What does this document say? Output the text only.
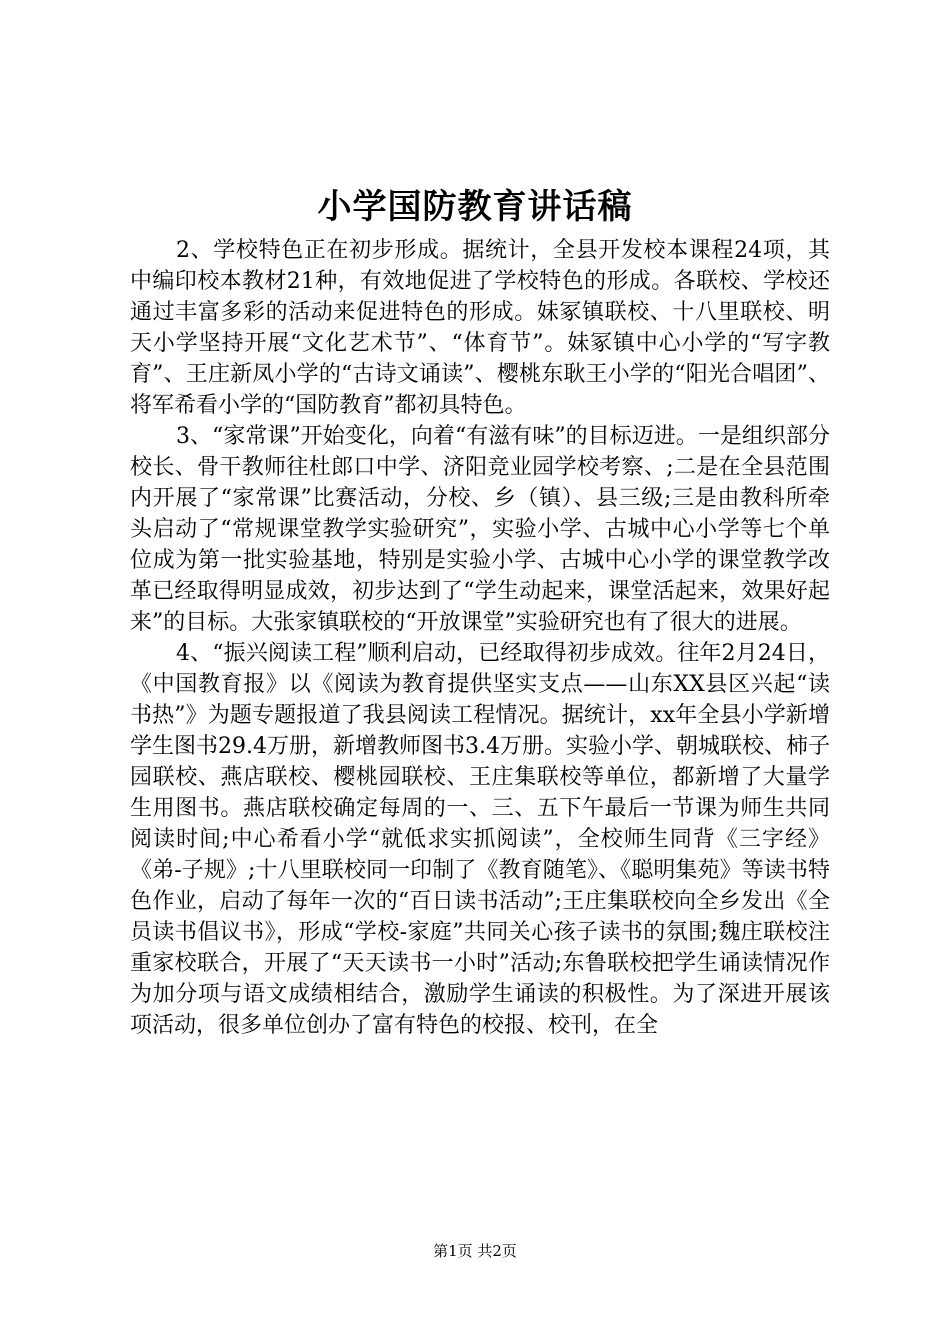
小学国防教育讲话稿

2、学校特色正在初步形成。据统计，全县开发校本课程24项，其中编印校本教材21种，有效地促进了学校特色的形成。各联校、学校还通过丰富多彩的活动来促进特色的形成。妹冢镇联校、十八里联校、明天小学坚持开展“文化艺术节”、“体育节”。妹冢镇中心小学的“写字教育”、王庄新凤小学的“古诗文诵读”、樱桃东耿王小学的“阳光合唱团”、将军希看小学的“国防教育”都初具特色。

3、“家常课”开始变化，向着“有滋有味”的目标迈进。一是组织部分校长、骨干教师往杜郎口中学、济阳竞业园学校考察、;二是在全县范围内开展了“家常课”比赛活动，分校、乡（镇）、县三级;三是由教科所牵头启动了“常规课堂教学实验研究”，实验小学、古城中心小学等七个单位成为第一批实验基地，特别是实验小学、古城中心小学的课堂教学改革已经取得明显成效，初步达到了“学生动起来，课堂活起来，效果好起来”的目标。大张家镇联校的“开放课堂”实验研究也有了很大的进展。

4、“振兴阅读工程”顺利启动，已经取得初步成效。往年2月24日，《中国教育报》以《阅读为教育提供坚实支点——山东XX县区兴起“读书热”》为题专题报道了我县阅读工程情况。据统计，xx年全县小学新增学生图书29.4万册，新增教师图书3.4万册。实验小学、朝城联校、柿子园联校、燕店联校、樱桃园联校、王庄集联校等单位，都新增了大量学生用图书。燕店联校确定每周的一、三、五下午最后一节课为师生共同阅读时间;中心希看小学“就低求实抓阅读”，全校师生同背《三字经》《弟-子规》;十八里联校同一印制了《教育随笔》、《聪明集苑》等读书特色作业，启动了每年一次的“百日读书活动”;王庄集联校向全乡发出《全员读书倡议书》，形成“学校-家庭”共同关心孩子读书的氛围;魏庄联校注重家校联合，开展了“天天读书一小时”活动;东鲁联校把学生诵读情况作为加分项与语文成绩相结合，激励学生诵读的积极性。为了深进开展该项活动，很多单位创办了富有特色的校报、校刊，在全

第1页 共2页
